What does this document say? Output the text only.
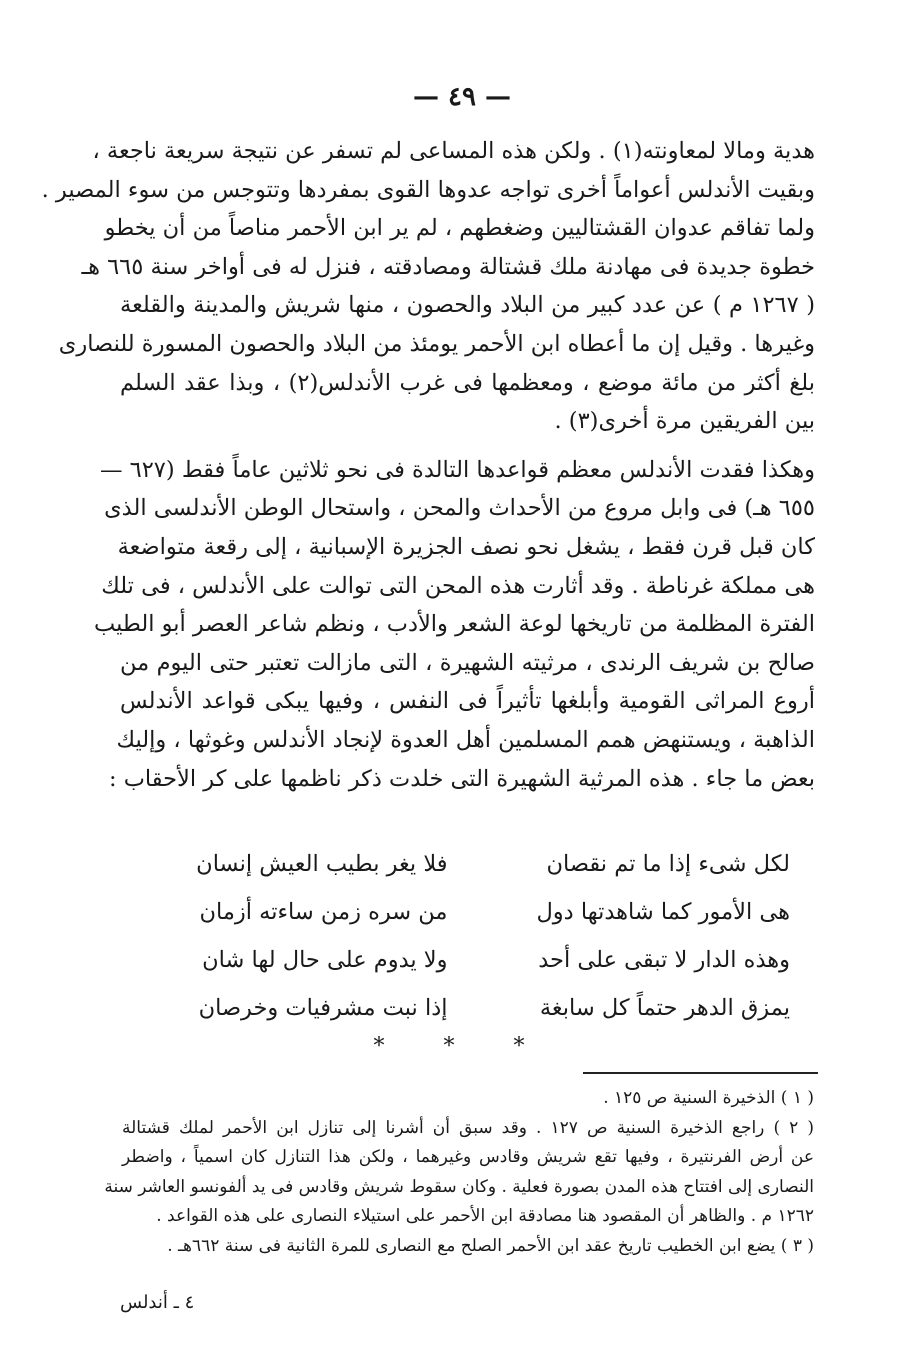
— ٤٩ —
هدية ومالا لمعاونته(١) . ولكن هذه المساعى لم تسفر عن نتيجة سريعة ناجعة ،
وبقيت الأندلس أعواماً أخرى تواجه عدوها القوى بمفردها وتتوجس من سوء المصير .
ولما تفاقم عدوان القشتاليين وضغطهم ، لم ير ابن الأحمر مناصاً من أن يخطو
خطوة جديدة فى مهادنة ملك قشتالة ومصادقته ، فنزل له فى أواخر سنة ٦٦٥ هـ
( ١٢٦٧ م ) عن عدد كبير من البلاد والحصون ، منها شريش والمدينة والقلعة
وغيرها . وقيل إن ما أعطاه ابن الأحمر يومئذ من البلاد والحصون المسورة للنصارى
بلغ أكثر من مائة موضع ، ومعظمها فى غرب الأندلس(٢) ، وبذا عقد السلم
بين الفريقين مرة أخرى(٣) .
وهكذا فقدت الأندلس معظم قواعدها التالدة فى نحو ثلاثين عاماً فقط (٦٢٧ —
٦٥٥ هـ) فى وابل مروع من الأحداث والمحن ، واستحال الوطن الأندلسى الذى
كان قبل قرن فقط ، يشغل نحو نصف الجزيرة الإسبانية ، إلى رقعة متواضعة
هى مملكة غرناطة . وقد أثارت هذه المحن التى توالت على الأندلس ، فى تلك
الفترة المظلمة من تاريخها لوعة الشعر والأدب ، ونظم شاعر العصر أبو الطيب
صالح بن شريف الرندى ، مرثيته الشهيرة ، التى مازالت تعتبر حتى اليوم من
أروع المراثى القومية وأبلغها تأثيراً فى النفس ، وفيها يبكى قواعد الأندلس
الذاهبة ، ويستنهض همم المسلمين أهل العدوة لإنجاد الأندلس وغوثها ، وإليك
بعض ما جاء . هذه المرثية الشهيرة التى خلدت ذكر ناظمها على كر الأحقاب :
لكل شىء إذا ما تم نقصان
فلا يغر بطيب العيش إنسان
هى الأمور كما شاهدتها دول
من سره زمن ساءته أزمان
وهذه الدار لا تبقى على أحد
ولا يدوم على حال لها شان
يمزق الدهر حتماً كل سابغة
إذا نبت مشرفيات وخرصان
* * *
( ١ ) الذخيرة السنية ص ١٢٥ .
( ٢ ) راجع الذخيرة السنية ص ١٢٧ . وقد سبق أن أشرنا إلى تنازل ابن الأحمر لملك قشتالة
عن أرض الفرنتيرة ، وفيها تقع شريش وقادس وغيرهما ، ولكن هذا التنازل كان اسمياً ، واضطر
النصارى إلى افتتاح هذه المدن بصورة فعلية . وكان سقوط شريش وقادس فى يد ألفونسو العاشر سنة
١٢٦٢ م . والظاهر أن المقصود هنا مصادقة ابن الأحمر على استيلاء النصارى على هذه القواعد .
( ٣ ) يضع ابن الخطيب تاريخ عقد ابن الأحمر الصلح مع النصارى للمرة الثانية فى سنة ٦٦٢هـ .
٤ ـ أندلس
